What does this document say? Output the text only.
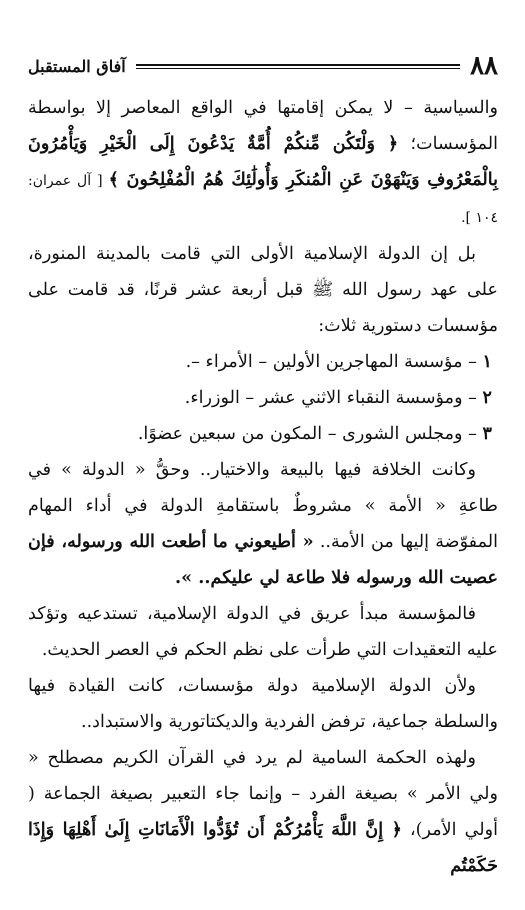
٨٨
آفاق المستقبل

والسياسية – لا يمكن إقامتها في الواقع المعاصر إلا بواسطة المؤسسات؛ ﴿ وَلْتَكُن مِّنكُمْ أُمَّةٌ يَدْعُونَ إِلَى الْخَيْرِ وَيَأْمُرُونَ بِالْمَعْرُوفِ وَيَنْهَوْنَ عَنِ الْمُنكَرِ وَأُولَٰئِكَ هُمُ الْمُفْلِحُونَ ﴾ [ آل عمران: ١٠٤ ].

بل إن الدولة الإسلامية الأولى التي قامت بالمدينة المنورة، على عهد رسول الله ﷺ قبل أربعة عشر قرنًا، قد قامت على مؤسسات دستورية ثلاث:

١ – مؤسسة المهاجرين الأولين – الأمراء –.

٢ – ومؤسسة النقباء الاثني عشر – الوزراء.

٣ – ومجلس الشورى – المكون من سبعين عضوًا.

وكانت الخلافة فيها بالبيعة والاختيار.. وحقُّ « الدولة » في طاعةِ « الأمة » مشروطٌ باستقامةِ الدولة في أداء المهام المفوّضة إليها من الأمة.. « أطيعوني ما أطعت الله ورسوله، فإن عصيت الله ورسوله فلا طاعة لي عليكم.. ».

فالمؤسسة مبدأ عريق في الدولة الإسلامية، تستدعيه وتؤكد عليه التعقيدات التي طرأت على نظم الحكم في العصر الحديث.

ولأن الدولة الإسلامية دولة مؤسسات، كانت القيادة فيها والسلطة جماعية، ترفض الفردية والديكتاتورية والاستبداد..

ولهذه الحكمة السامية لم يرد في القرآن الكريم مصطلح « ولي الأمر » بصيغة الفرد – وإنما جاء التعبير بصيغة الجماعة ( أولي الأمر)، ﴿ إِنَّ اللَّهَ يَأْمُرُكُمْ أَن تُؤَدُّوا الْأَمَانَاتِ إِلَىٰ أَهْلِهَا وَإِذَا حَكَمْتُم
